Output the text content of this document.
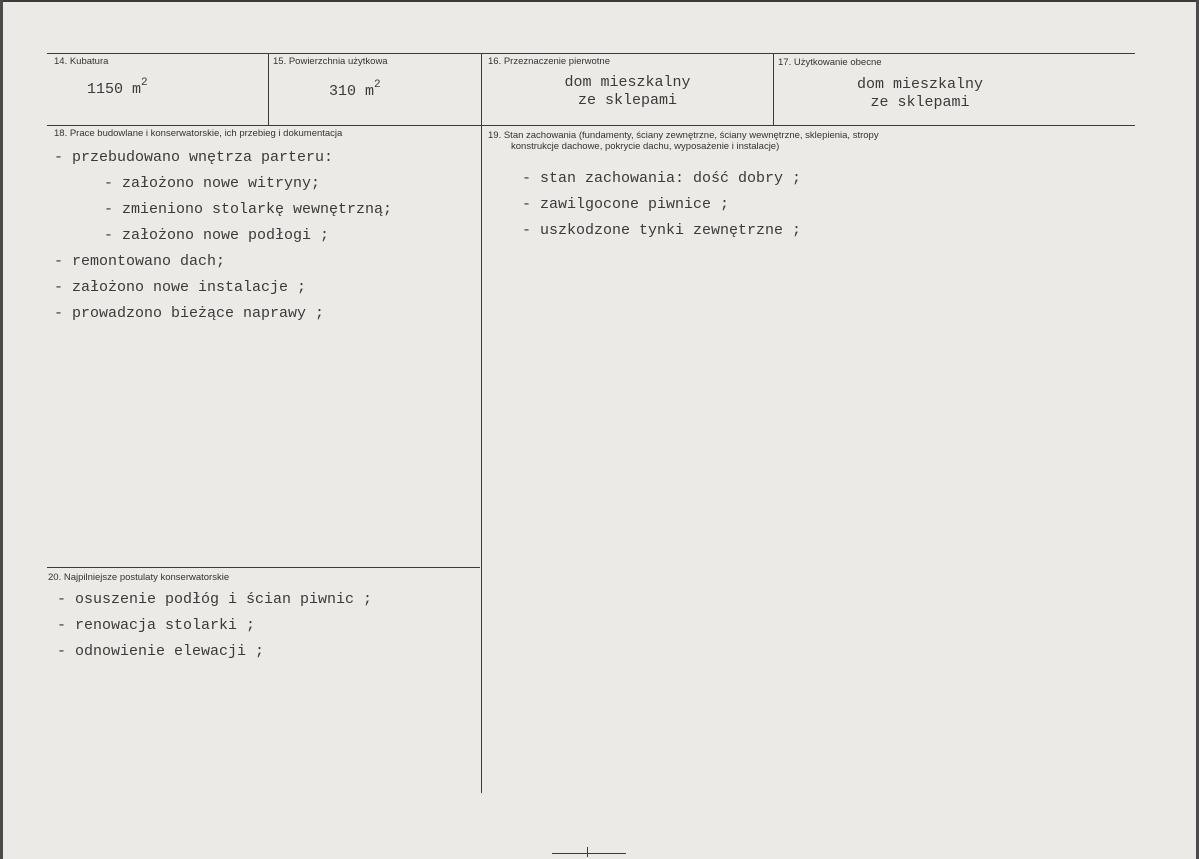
14. Kubatura
1150 $m^2$
15. Powierzchnia użytkowa
310 $m^2$
16. Przeznaczenie pierwotne
dom mieszkalny
ze sklepami
17. Użytkowanie obecne
dom mieszkalny
ze sklepami
18. Prace budowlane i konserwatorskie, ich przebieg i dokumentacja
- przebudowano wnętrza parteru:
- założono nowe witryny;
- zmieniono stolarkę wewnętrzną;
- założono nowe podłogi ;
- remontowano dach;
- założono nowe instalacje ;
- prowadzono bieżące naprawy ;
19. Stan zachowania (fundamenty, ściany zewnętrzne, ściany wewnętrzne, sklepienia, stropy
konstrukcje dachowe, pokrycie dachu, wyposażenie i instalacje)
- stan zachowania: dość dobry ;
- zawilgocone piwnice ;
- uszkodzone tynki zewnętrzne ;
20. Najpilniejsze postulaty konserwatorskie
- osuszenie podłóg i ścian piwnic ;
- renowacja stolarki ;
- odnowienie elewacji ;
